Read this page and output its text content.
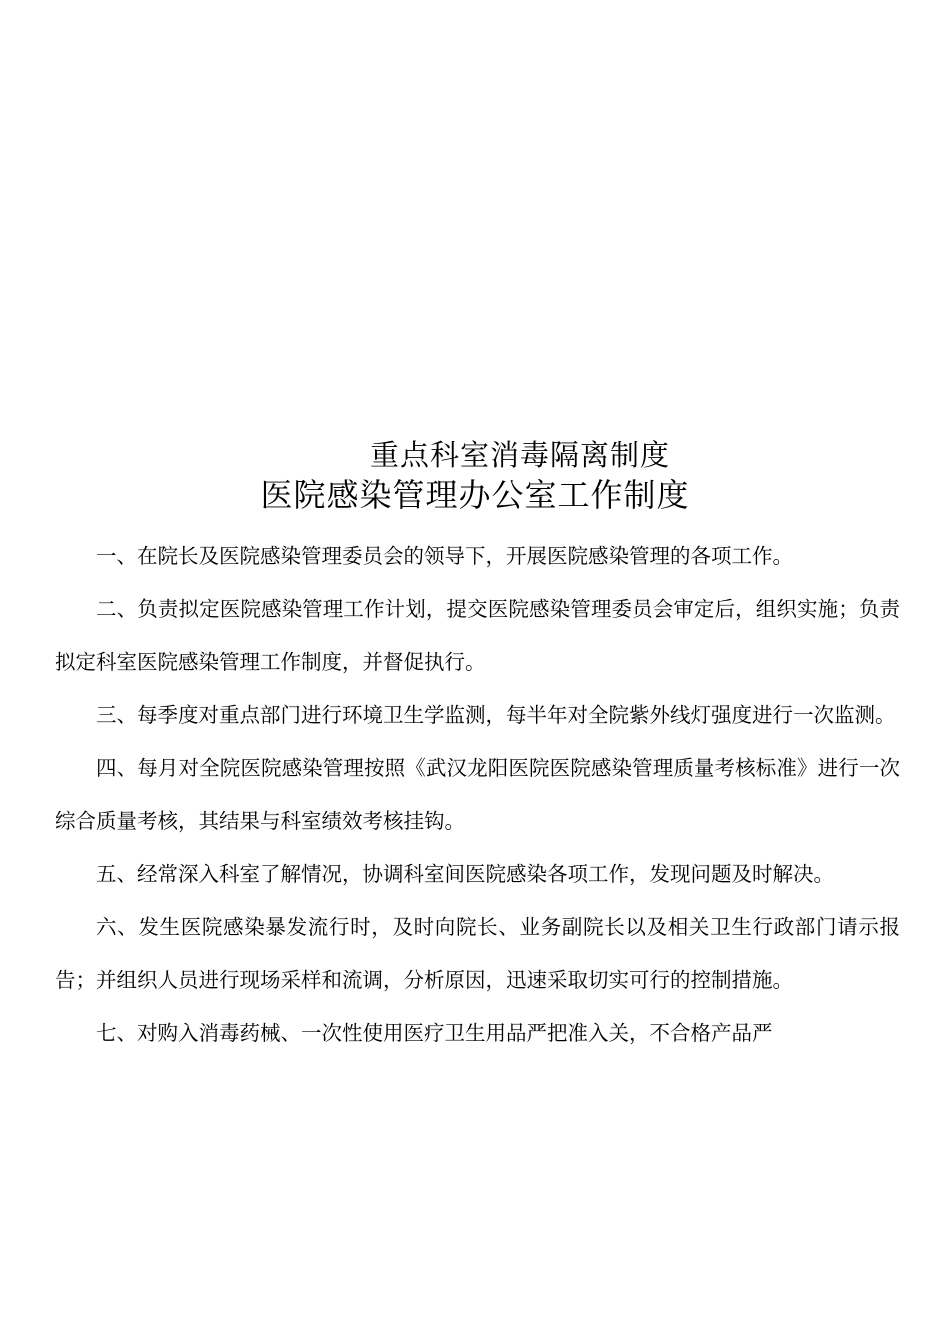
重点科室消毒隔离制度
医院感染管理办公室工作制度

一、在院长及医院感染管理委员会的领导下，开展医院感染管理的各项工作。

二、负责拟定医院感染管理工作计划，提交医院感染管理委员会审定后，组织实施；负责拟定科室医院感染管理工作制度，并督促执行。

三、每季度对重点部门进行环境卫生学监测，每半年对全院紫外线灯强度进行一次监测。

四、每月对全院医院感染管理按照《武汉龙阳医院医院感染管理质量考核标准》进行一次综合质量考核，其结果与科室绩效考核挂钩。

五、经常深入科室了解情况，协调科室间医院感染各项工作，发现问题及时解决。

六、发生医院感染暴发流行时，及时向院长、业务副院长以及相关卫生行政部门请示报告；并组织人员进行现场采样和流调，分析原因，迅速采取切实可行的控制措施。

七、对购入消毒药械、一次性使用医疗卫生用品严把准入关，不合格产品严
